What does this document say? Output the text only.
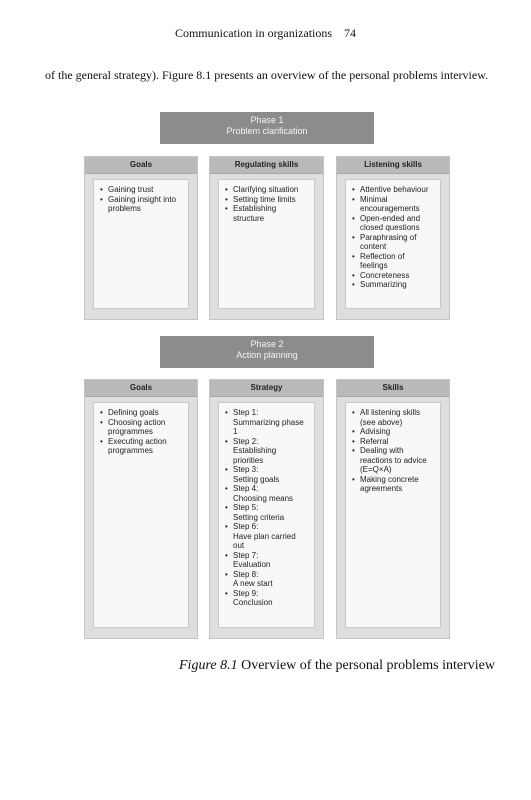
Communication in organizations 74

of the general strategy). Figure 8.1 presents an overview of the personal problems interview.

Phase 1
Problem clarification
Goals
• Gaining trust
• Gaining insight into problems
Regulating skills
• Clarifying situation
• Setting time limits
• Establishing structure
Listening skills
• Attentive behaviour
• Minimal encouragements
• Open-ended and closed questions
• Paraphrasing of content
• Reflection of feelings
• Concreteness
• Summarizing
Phase 2
Action planning
Goals
• Defining goals
• Choosing action programmes
• Executing action programmes
Strategy
• Step 1:
Summarizing phase 1
• Step 2:
Establishing priorities
• Step 3:
Setting goals
• Step 4:
Choosing means
• Step 5:
Setting criteria
• Step 6:
Have plan carried out
• Step 7:
Evaluation
• Step 8:
A new start
• Step 9:
Conclusion
Skills
• All listening skills (see above)
• Advising
• Referral
• Dealing with reactions to advice (E=Q×A)
• Making concrete agreements
Figure 8.1 Overview of the personal problems interview
